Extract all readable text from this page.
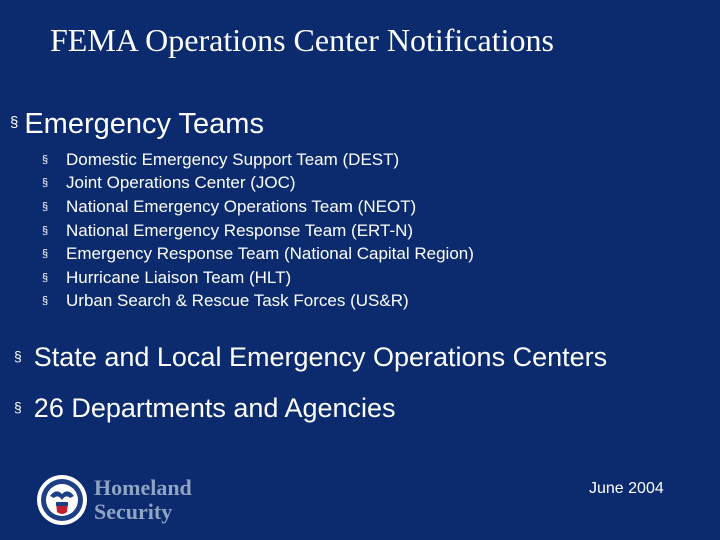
FEMA Operations Center Notifications
§ Emergency Teams
§	Domestic Emergency Support Team (DEST)
§	Joint Operations Center (JOC)
§	National Emergency Operations Team (NEOT)
§	National Emergency Response Team (ERT-N)
§	Emergency Response Team (National Capital Region)
§	Hurricane Liaison Team (HLT)
§	Urban Search & Rescue Task Forces (US&R)
§ State and Local Emergency Operations Centers
§ 26 Departments and Agencies
Homeland
Security
June 2004
